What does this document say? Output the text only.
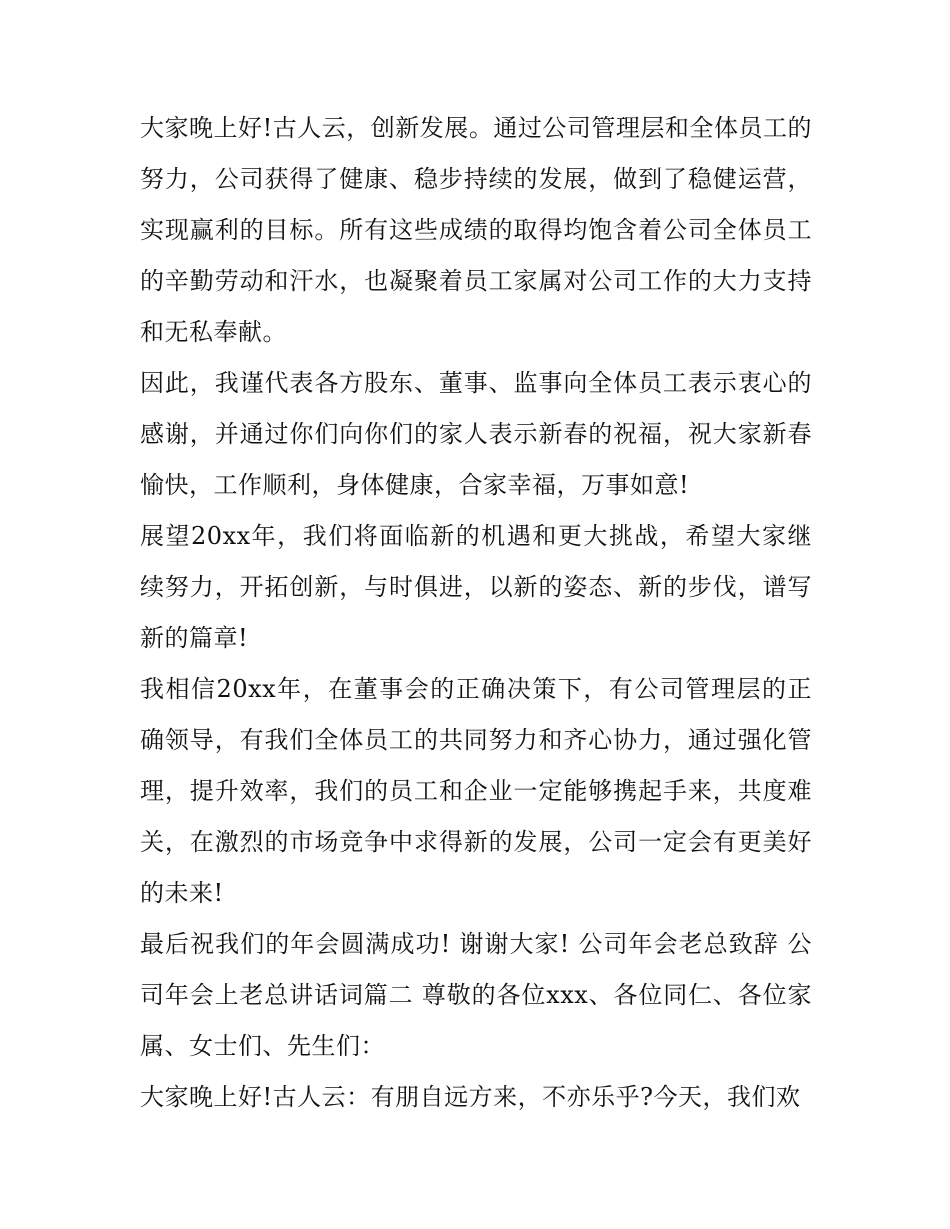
大家晚上好!古人云，创新发展。通过公司管理层和全体员工的努力，公司获得了健康、稳步持续的发展，做到了稳健运营，实现赢利的目标。所有这些成绩的取得均饱含着公司全体员工的辛勤劳动和汗水，也凝聚着员工家属对公司工作的大力支持和无私奉献。

因此，我谨代表各方股东、董事、监事向全体员工表示衷心的感谢，并通过你们向你们的家人表示新春的祝福，祝大家新春愉快，工作顺利，身体健康，合家幸福，万事如意!

展望20xx年，我们将面临新的机遇和更大挑战，希望大家继续努力，开拓创新，与时俱进，以新的姿态、新的步伐，谱写新的篇章!

我相信20xx年，在董事会的正确决策下，有公司管理层的正确领导，有我们全体员工的共同努力和齐心协力，通过强化管理，提升效率，我们的员工和企业一定能够携起手来，共度难关，在激烈的市场竞争中求得新的发展，公司一定会有更美好的未来!

最后祝我们的年会圆满成功! 谢谢大家! 公司年会老总致辞 公司年会上老总讲话词篇二 尊敬的各位xxx、各位同仁、各位家属、女士们、先生们：

大家晚上好!古人云：有朋自远方来，不亦乐乎?今天，我们欢
